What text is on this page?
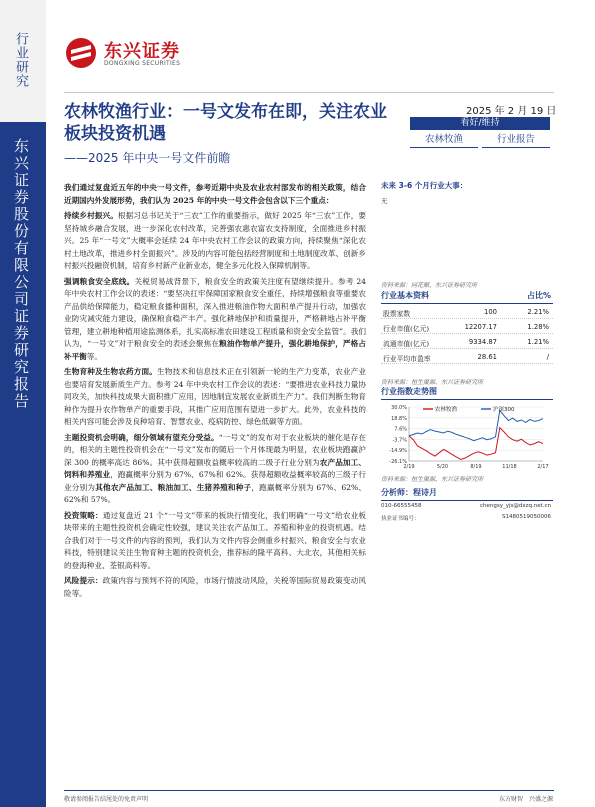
行业研究
东兴证券股份有限公司证券研究报告
东兴证券
DONGXING SECURITIES
农林牧渔行业：一号文发布在即，关注农业板块投资机遇
——2025 年中央一号文件前瞻
2025 年 2 月 19 日
看好/维持
农林牧渔	行业报告

我们通过复盘近五年的中央一号文件，参考近期中央及农业农村部发布的相关政策，结合近期国内外发展形势，我们认为 2025 年的中央一号文件会包含以下三个重点：

持续乡村振兴。根据习总书记关于“三农”工作的重要指示，做好 2025 年“三农”工作，要坚持城乡融合发展，进一步深化农村改革，完善强农惠农富农支持制度，全面推进乡村振兴。25 年“一号文”大概率会延续 24 年中央农村工作会议的政策方向，持续聚焦“深化农村土地改革，推进乡村全面振兴”。涉及的内容可能包括经营制度和土地制度改革、创新乡村振兴投融资机制，培育乡村新产业新业态，健全多元化投入保障机制等。

强调粮食安全底线。关税贸易战背景下，粮食安全的政策关注度有望继续提升。参考 24 年中央农村工作会议的表述：“要坚决扛牢保障国家粮食安全重任，持续增强粮食等重要农产品供给保障能力，稳定粮食播种面积，深入推进粮油作物大面积单产提升行动，加强农业防灾减灾能力建设，确保粮食稳产丰产。强化耕地保护和质量提升，严格耕地占补平衡管理，建立耕地种植用途监测体系，扎实高标准农田建设工程质量和资金安全监管”。我们认为，“一号文”对于粮食安全的表述会聚焦在粮油作物单产提升，强化耕地保护，严格占补平衡等。

生物育种及生物农药方面。生物技术和信息技术正在引领新一轮的生产力变革，农业产业也要培育发展新质生产力。参考 24 年中央农村工作会议的表述：“要推进农业科技力量协同攻关，加快科技成果大面积推广应用，因地制宜发展农业新质生产力”。我们判断生物育种作为提升农作物单产的重要手段，其推广应用范围有望进一步扩大。此外，农业科技的相关内容可能会涉及良种培育、智慧农业、疫病防控、绿色低碳等方面。

主题投资机会明确，细分领域有望充分受益。“一号文”的发布对于农业板块的催化是存在的，相关的主题性投资机会在“一号文”发布的随后一个月体现最为明显，农业板块跑赢沪深 300 的概率高达 86%。其中获得超额收益概率较高的二级子行业分别为农产品加工、饲料和养殖业，跑赢概率分别为 67%、67%和 62%。获得超额收益概率较高的三级子行业分别为其他农产品加工、粮油加工、生猪养殖和种子，跑赢概率分别为 67%、62%、62%和 57%。

投资策略：通过复盘近 21 个“一号文”带来的板块行情变化，我们明确“一号文”给农业板块带来的主题性投资机会确定性较强，建议关注农产品加工、养殖和种业的投资机遇。结合我们对于一号文件的内容的预判，我们认为文件内容会侧重乡村振兴、粮食安全与农业科技，特别建议关注生物育种主题的投资机会，推荐标的隆平高科、大北农，其他相关标的登海种业、荃银高科等。

风险提示：政策内容与预判不符的风险，市场行情波动风险，关税等国际贸易政策变动风险等。

未来 3-6 个月行业大事：
无
资料来源：同花顺、东兴证券研究所
行业基本资料	占比%
股票家数	100	2.21%
行业市值(亿元)	12207.17	1.28%
流通市值(亿元)	9334.87	1.21%
行业平均市盈率	28.61	/
资料来源：恒生聚源、东兴证券研究所
行业指数走势图
30.0%
18.8%
7.6%
-3.7%
-14.9%
-26.1%
2/19	5/20	8/19	11/18	2/17
农林牧渔	沪深300
资料来源：恒生聚源、东兴证券研究所
分析师：程诗月
010-66555458	chengsy_yjs@dxzq.net.cn
执业证书编号：	S1480519050006
敬请参阅报告结尾处的免责声明	东方财智　兴盛之源
